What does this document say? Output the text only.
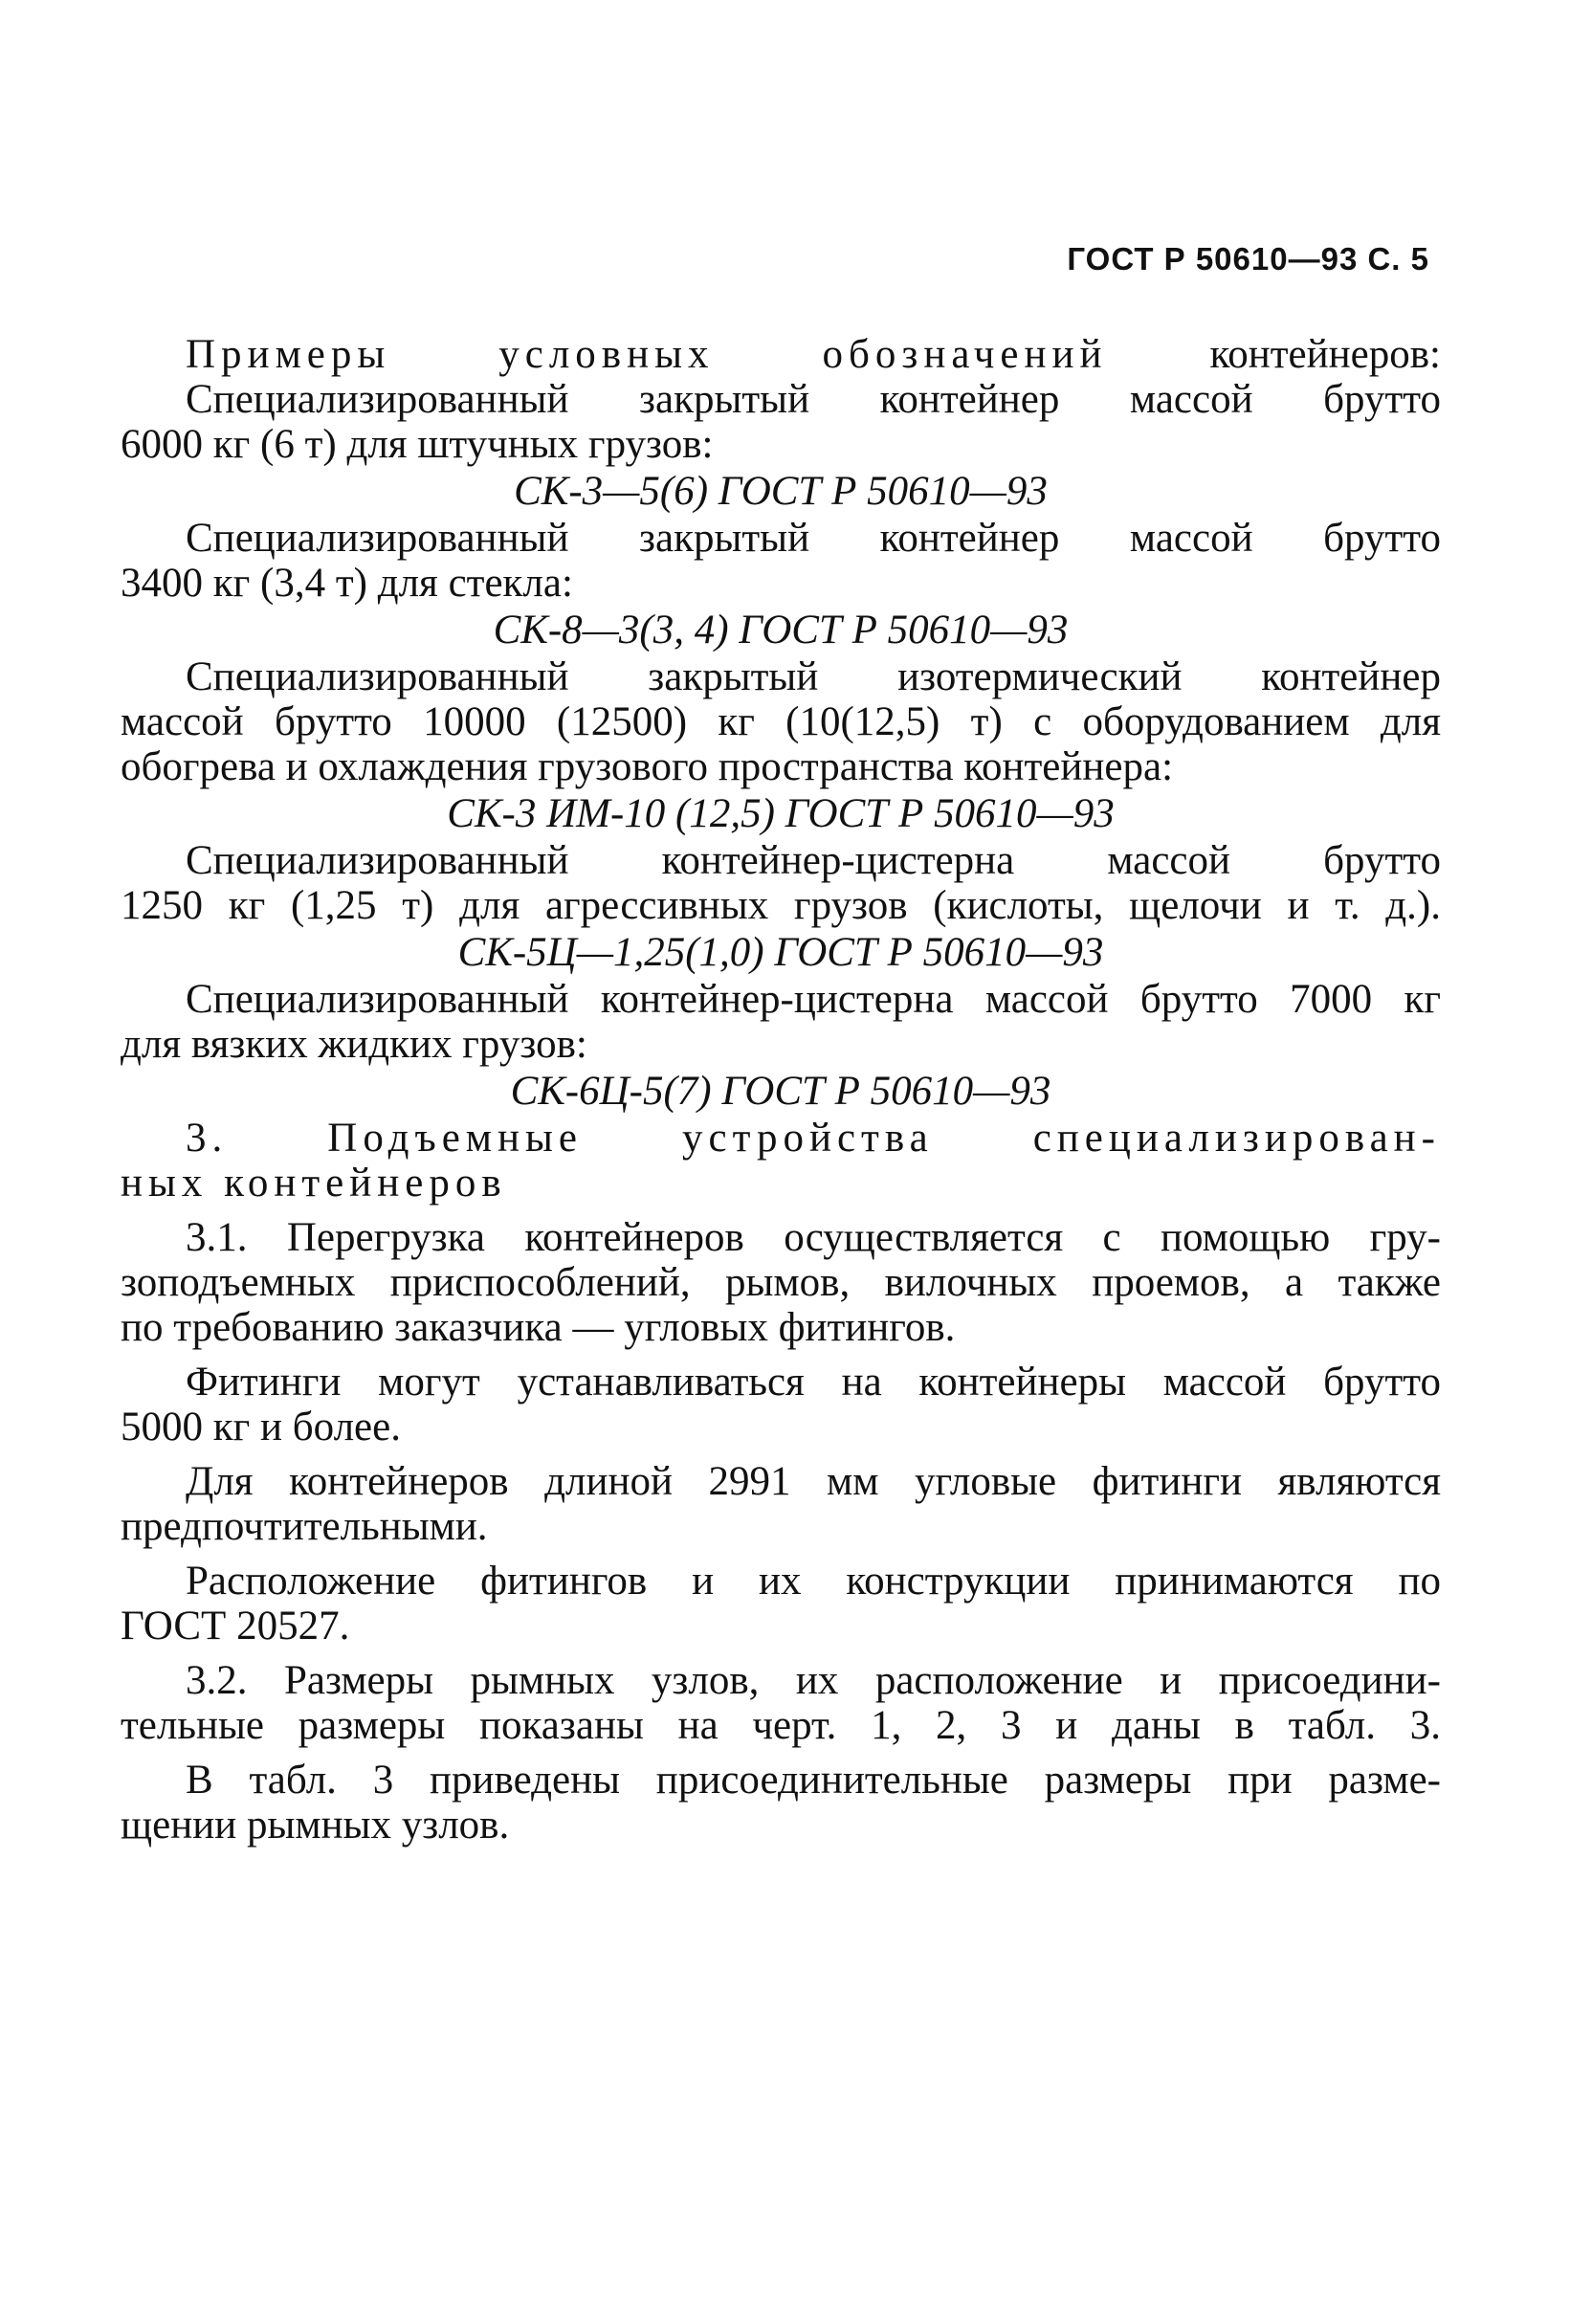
ГОСТ Р 50610—93 С. 5
Примеры условных обозначений контейнеров:
Специализированный закрытый контейнер массой брутто
6000 кг (6 т) для штучных грузов:
СК-3—5(6) ГОСТ Р 50610—93
Специализированный закрытый контейнер массой брутто
3400 кг (3,4 т) для стекла:
СК-8—3(3, 4) ГОСТ Р 50610—93
Специализированный закрытый изотермический контейнер
массой брутто 10000 (12500) кг (10(12,5) т) с оборудованием для
обогрева и охлаждения грузового пространства контейнера:
СК-3 ИМ-10 (12,5) ГОСТ Р 50610—93
Специализированный контейнер-цистерна массой брутто
1250 кг (1,25 т) для агрессивных грузов (кислоты, щелочи и т. д.).
СК-5Ц—1,25(1,0) ГОСТ Р 50610—93
Специализированный контейнер-цистерна массой брутто 7000 кг
для вязких жидких грузов:
СК-6Ц-5(7) ГОСТ Р 50610—93
3. Подъемные устройства специализирован-
ных контейнеров
3.1. Перегрузка контейнеров осуществляется с помощью гру-
зоподъемных приспособлений, рымов, вилочных проемов, а также
по требованию заказчика — угловых фитингов.
Фитинги могут устанавливаться на контейнеры массой брутто
5000 кг и более.
Для контейнеров длиной 2991 мм угловые фитинги являются
предпочтительными.
Расположение фитингов и их конструкции принимаются по
ГОСТ 20527.
3.2. Размеры рымных узлов, их расположение и присоедини-
тельные размеры показаны на черт. 1, 2, 3 и даны в табл. 3.
В табл. 3 приведены присоединительные размеры при разме-
щении рымных узлов.
